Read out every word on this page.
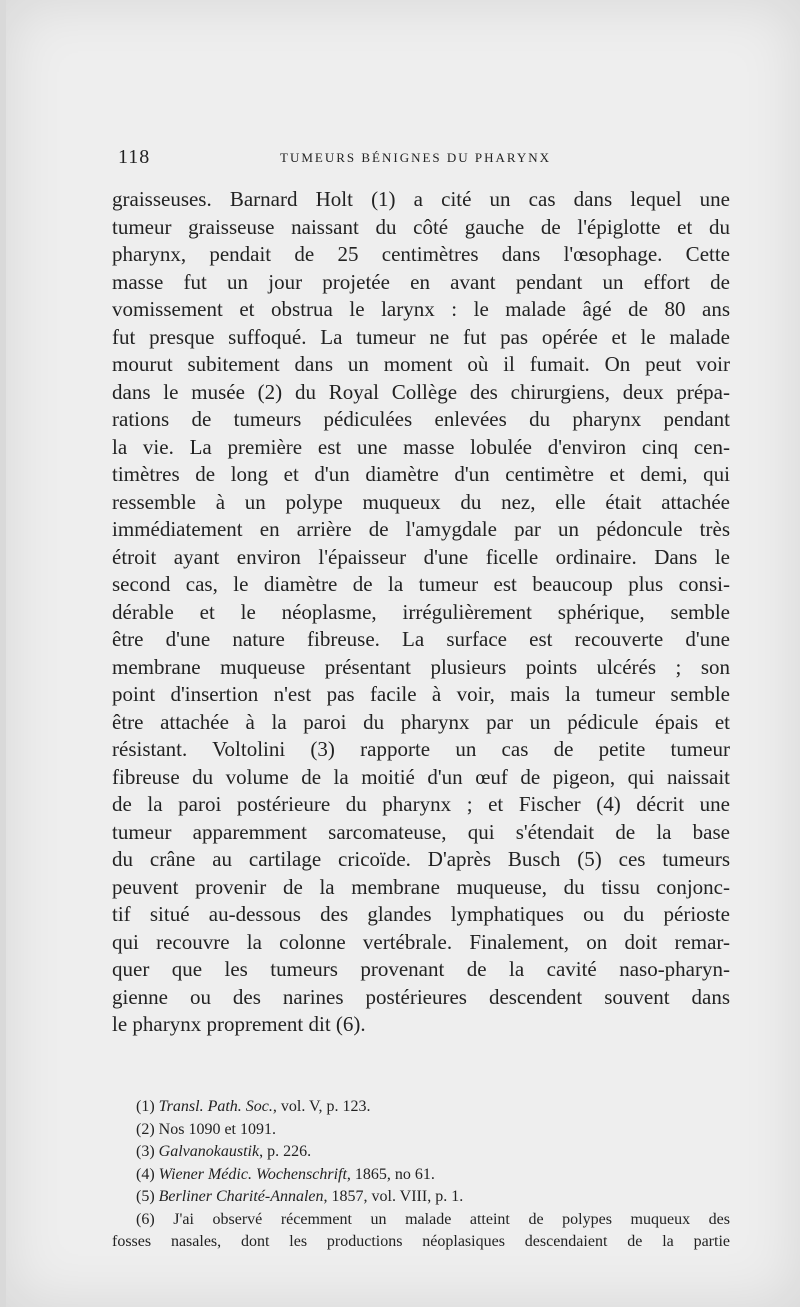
118	TUMEURS BÉNIGNES DU PHARYNX
graisseuses. Barnard Holt (1) a cité un cas dans lequel une
tumeur graisseuse naissant du côté gauche de l'épiglotte et du
pharynx, pendait de 25 centimètres dans l'œsophage. Cette
masse fut un jour projetée en avant pendant un effort de
vomissement et obstrua le larynx : le malade âgé de 80 ans
fut presque suffoqué. La tumeur ne fut pas opérée et le malade
mourut subitement dans un moment où il fumait. On peut voir
dans le musée (2) du Royal Collège des chirurgiens, deux prépa-
rations de tumeurs pédiculées enlevées du pharynx pendant
la vie. La première est une masse lobulée d'environ cinq cen-
timètres de long et d'un diamètre d'un centimètre et demi, qui
ressemble à un polype muqueux du nez, elle était attachée
immédiatement en arrière de l'amygdale par un pédoncule très
étroit ayant environ l'épaisseur d'une ficelle ordinaire. Dans le
second cas, le diamètre de la tumeur est beaucoup plus consi-
dérable et le néoplasme, irrégulièrement sphérique, semble
être d'une nature fibreuse. La surface est recouverte d'une
membrane muqueuse présentant plusieurs points ulcérés ; son
point d'insertion n'est pas facile à voir, mais la tumeur semble
être attachée à la paroi du pharynx par un pédicule épais et
résistant. Voltolini (3) rapporte un cas de petite tumeur
fibreuse du volume de la moitié d'un œuf de pigeon, qui naissait
de la paroi postérieure du pharynx ; et Fischer (4) décrit une
tumeur apparemment sarcomateuse, qui s'étendait de la base
du crâne au cartilage cricoïde. D'après Busch (5) ces tumeurs
peuvent provenir de la membrane muqueuse, du tissu conjonc-
tif situé au-dessous des glandes lymphatiques ou du périoste
qui recouvre la colonne vertébrale. Finalement, on doit remar-
quer que les tumeurs provenant de la cavité naso-pharyn-
gienne ou des narines postérieures descendent souvent dans
le pharynx proprement dit (6).
(1) Transl. Path. Soc., vol. V, p. 123.
(2) Nos 1090 et 1091.
(3) Galvanokaustik, p. 226.
(4) Wiener Médic. Wochenschrift, 1865, no 61.
(5) Berliner Charité-Annalen, 1857, vol. VIII, p. 1.
(6) J'ai observé récemment un malade atteint de polypes muqueux des
fosses nasales, dont les productions néoplasiques descendaient de la partie
